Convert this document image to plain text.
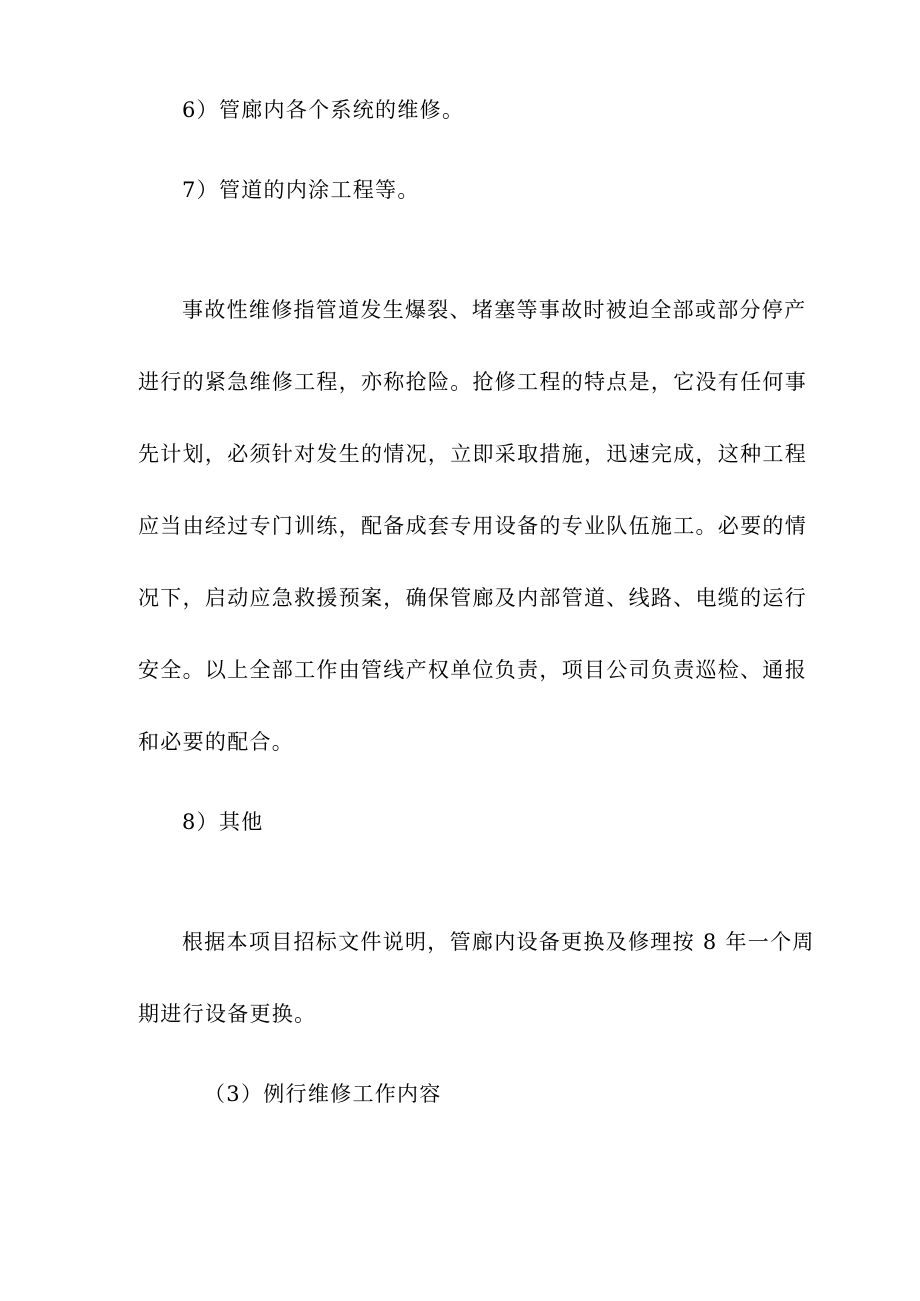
6）管廊内各个系统的维修。
7）管道的内涂工程等。
事故性维修指管道发生爆裂、堵塞等事故时被迫全部或部分停产
进行的紧急维修工程，亦称抢险。抢修工程的特点是，它没有任何事
先计划，必须针对发生的情况，立即采取措施，迅速完成，这种工程
应当由经过专门训练，配备成套专用设备的专业队伍施工。必要的情
况下，启动应急救援预案，确保管廊及内部管道、线路、电缆的运行
安全。以上全部工作由管线产权单位负责，项目公司负责巡检、通报
和必要的配合。
8）其他
根据本项目招标文件说明，管廊内设备更换及修理按 8 年一个周
期进行设备更换。
（3）例行维修工作内容
